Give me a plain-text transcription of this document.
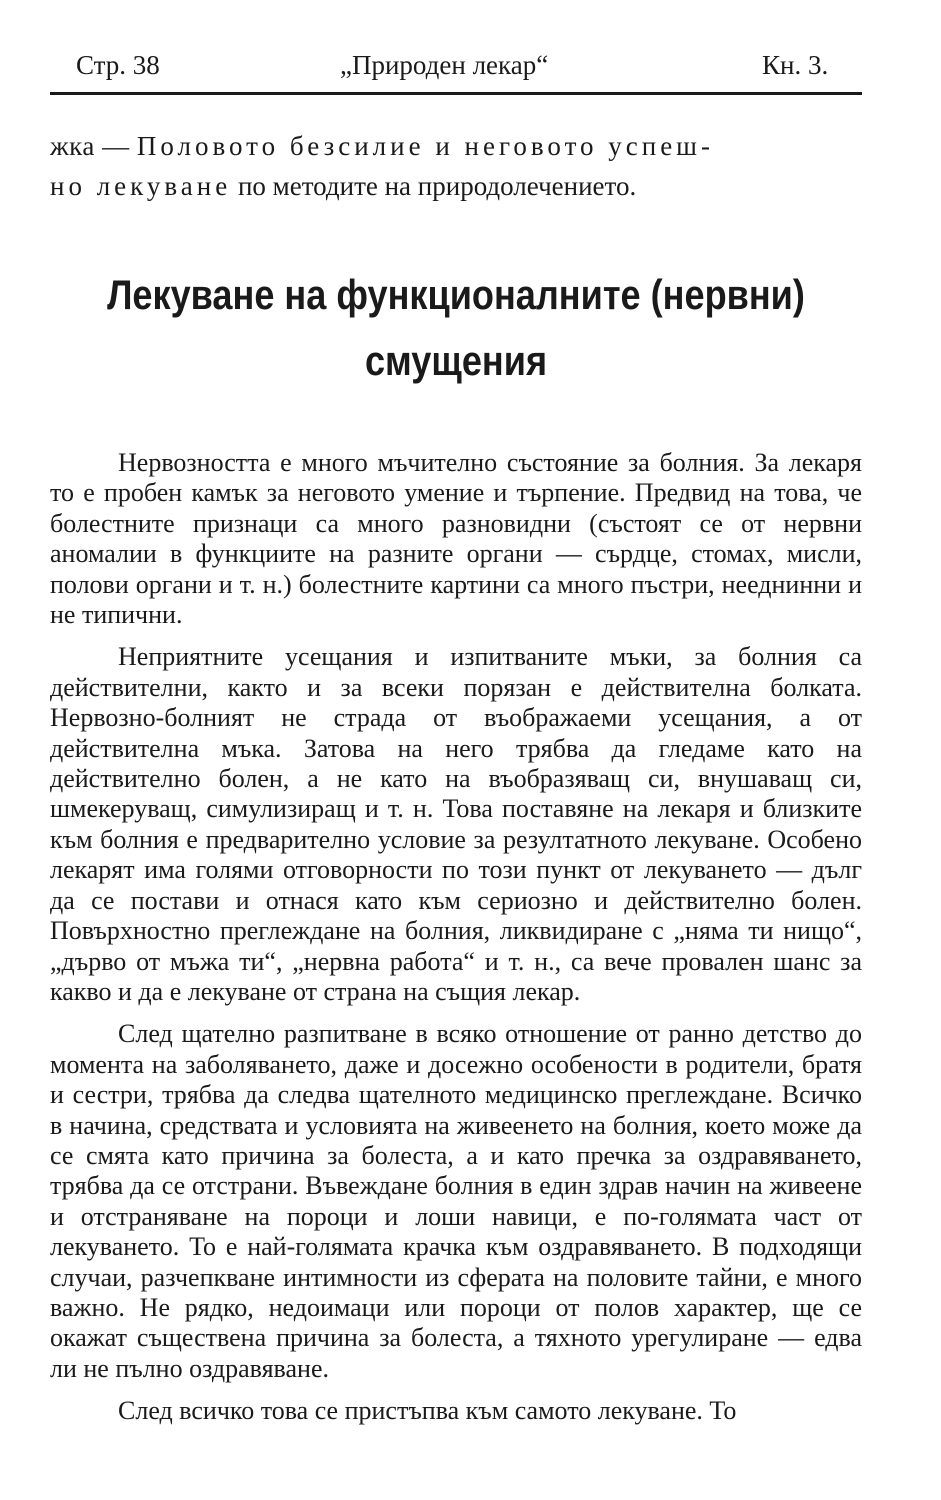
Стр. 38	„Природен лекар“	Кн. 3.
жка — Половото безсилие и неговото успеш-
но лекуване по методите на природолечението.
Лекуване на функционалните (нервни)
смущения

Нервозността е много мъчително състояние за болния. За лекаря то е пробен камък за неговото умение и търпение. Предвид на това, че болестните признаци са много разновидни (състоят се от нервни аномалии в функциите на разните органи — сърдце, стомах, мисли, полови органи и т. н.) болестните картини са много пъстри, нееднинни и не типични.

Неприятните усещания и изпитваните мъки, за болния са действителни, както и за всеки порязан е действителна болката. Нервозно-болният не страда от въображаеми усещания, а от действителна мъка. Затова на него трябва да гледаме като на действително болен, а не като на въобразяващ си, внушаващ си, шмекеруващ, симулизиращ и т. н. Това поставяне на лекаря и близките към болния е предварително условие за резултатното лекуване. Особено лекарят има голями отговорности по този пункт от лекуването — дълг да се постави и отнася като към сериозно и действително болен. Повърхностно преглеждане на болния, ликвидиране с „няма ти нищо“, „дърво от мъжа ти“, „нервна работа“ и т. н., са вече провален шанс за какво и да е лекуване от страна на същия лекар.

След щателно разпитване в всяко отношение от ранно детство до момента на заболяването, даже и досежно особености в родители, братя и сестри, трябва да следва щателното медицинско преглеждане. Всичко в начина, средствата и условията на живеенето на болния, което може да се смята като причина за болеста, а и като пречка за оздравяването, трябва да се отстрани. Въвеждане болния в един здрав начин на живеене и отстраняване на пороци и лоши навици, е по-голямата част от лекуването. То е най-голямата крачка към оздравяването. В подходящи случаи, разчепкване интимности из сферата на половите тайни, е много важно. Не рядко, недоимаци или пороци от полов характер, ще се окажат съществена причина за болеста, а тяхното урегулиране — едва ли не пълно оздравяване.

След всичко това се пристъпва към самото лекуване. То
